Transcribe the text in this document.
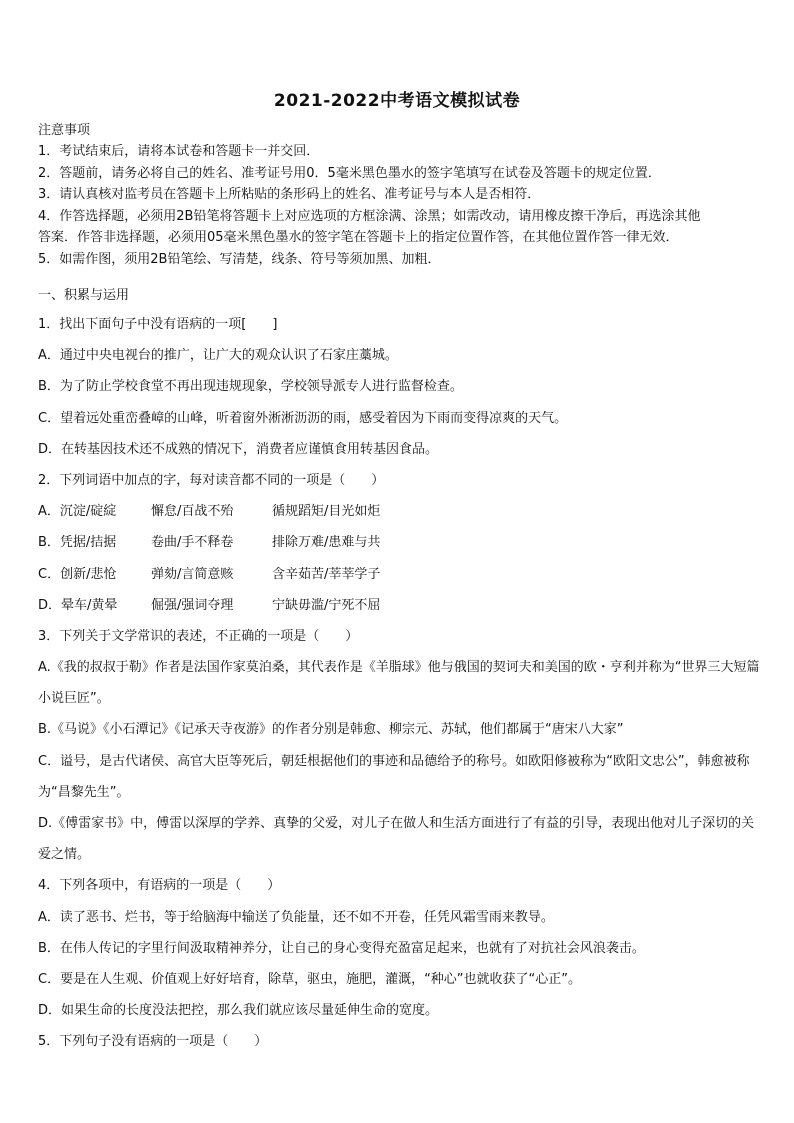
2021-2022中考语文模拟试卷
注意事项
1．考试结束后，请将本试卷和答题卡一并交回．
2．答题前，请务必将自己的姓名、准考证号用0．5毫米黑色墨水的签字笔填写在试卷及答题卡的规定位置．
3．请认真核对监考员在答题卡上所粘贴的条形码上的姓名、准考证号与本人是否相符．
4．作答选择题，必须用2B铅笔将答题卡上对应选项的方框涂满、涂黑；如需改动，请用橡皮擦干净后，再选涂其他
答案．作答非选择题，必须用05毫米黑色墨水的签字笔在答题卡上的指定位置作答，在其他位置作答一律无效．
5．如需作图，须用2B铅笔绘、写清楚，线条、符号等须加黑、加粗．
一、积累与运用
1．找出下面句子中没有语病的一项[　　]
A．通过中央电视台的推广，让广大的观众认识了石家庄藁城。
B．为了防止学校食堂不再出现违规现象，学校领导派专人进行监督检查。
C．望着远处重峦叠嶂的山峰，听着窗外淅淅沥沥的雨，感受着因为下雨而变得凉爽的天气。
D．在转基因技术还不成熟的情况下，消费者应谨慎食用转基因食品。
2．下列词语中加点的字，每对读音都不同的一项是（　　）
A．沉淀/碇綻	懈怠/百战不殆	循规蹈矩/目光如炬
B．凭据/拮据	卷曲/手不释卷	排除万难/患难与共
C．创新/悲怆	弹劾/言简意赅	含辛茹苦/莘莘学子
D．晕车/黄晕	倔强/强词夺理	宁缺毋滥/宁死不屈
3．下列关于文学常识的表述，不正确的一项是（　　）
A.《我的叔叔于勒》作者是法国作家莫泊桑，其代表作是《羊脂球》他与俄国的契诃夫和美国的欧・亨利并称为“世界三大短篇小说巨匠”。
B.《马说》《小石潭记》《记承天寺夜游》的作者分别是韩愈、柳宗元、苏轼，他们都属于“唐宋八大家”
C．谥号，是古代诸侯、高官大臣等死后，朝廷根据他们的事迹和品德给予的称号。如欧阳修被称为“欧阳文忠公”，韩愈被称为“昌黎先生”。
D.《傅雷家书》中，傅雷以深厚的学养、真挚的父爱，对儿子在做人和生活方面进行了有益的引导，表现出他对儿子深切的关爱之情。
4．下列各项中，有语病的一项是（　　）
A．读了恶书、烂书，等于给脑海中输送了负能量，还不如不开卷，任凭风霜雪雨来教导。
B．在伟人传记的字里行间汲取精神养分，让自己的身心变得充盈富足起来，也就有了对抗社会风浪袭击。
C．要是在人生观、价值观上好好培育，除草，驱虫，施肥，灌溉，“种心”也就收获了“心正”。
D．如果生命的长度没法把控，那么我们就应该尽量延伸生命的宽度。
5．下列句子没有语病的一项是（　　）
